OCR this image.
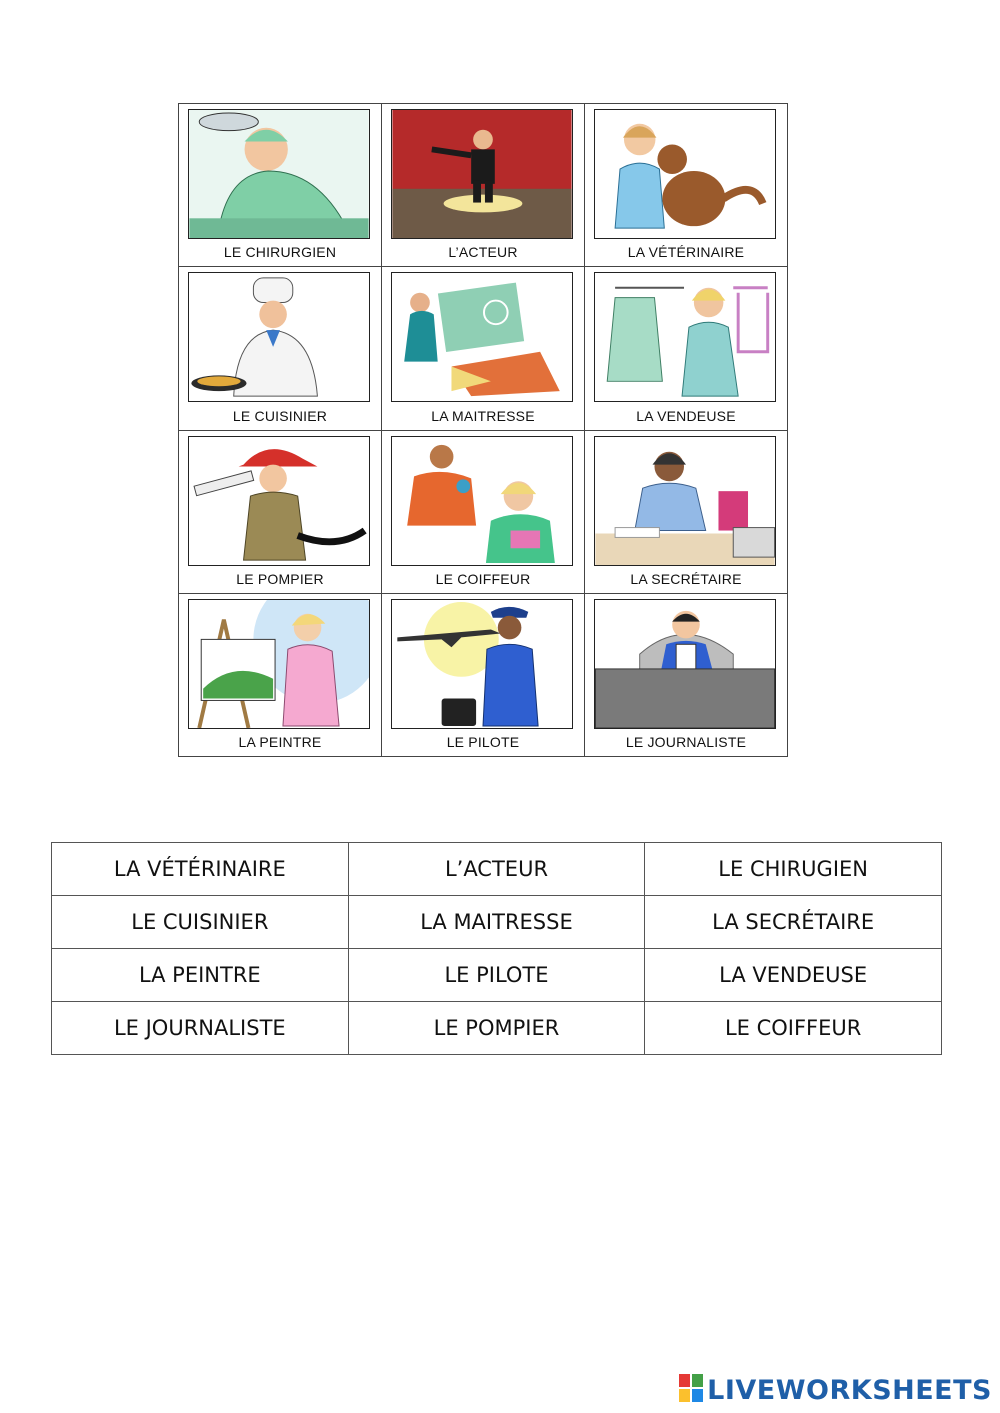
LE CHIRURGIEN	L’ACTEUR	LA VÉTÉRINAIRE

LE CUISINIER	LA MAITRESSE	LA VENDEUSE

LE POMPIER	LE COIFFEUR	LA SECRÉTAIRE

LA PEINTRE	LE PILOTE	LE JOURNALISTE
LA VÉTÉRINAIRE	L’ACTEUR	LE CHIRUGIEN
LE CUISINIER	LA MAITRESSE	LA SECRÉTAIRE
LA PEINTRE	LE PILOTE	LA VENDEUSE
LE JOURNALISTE	LE POMPIER	LE COIFFEUR
LIVEWORKSHEETS
